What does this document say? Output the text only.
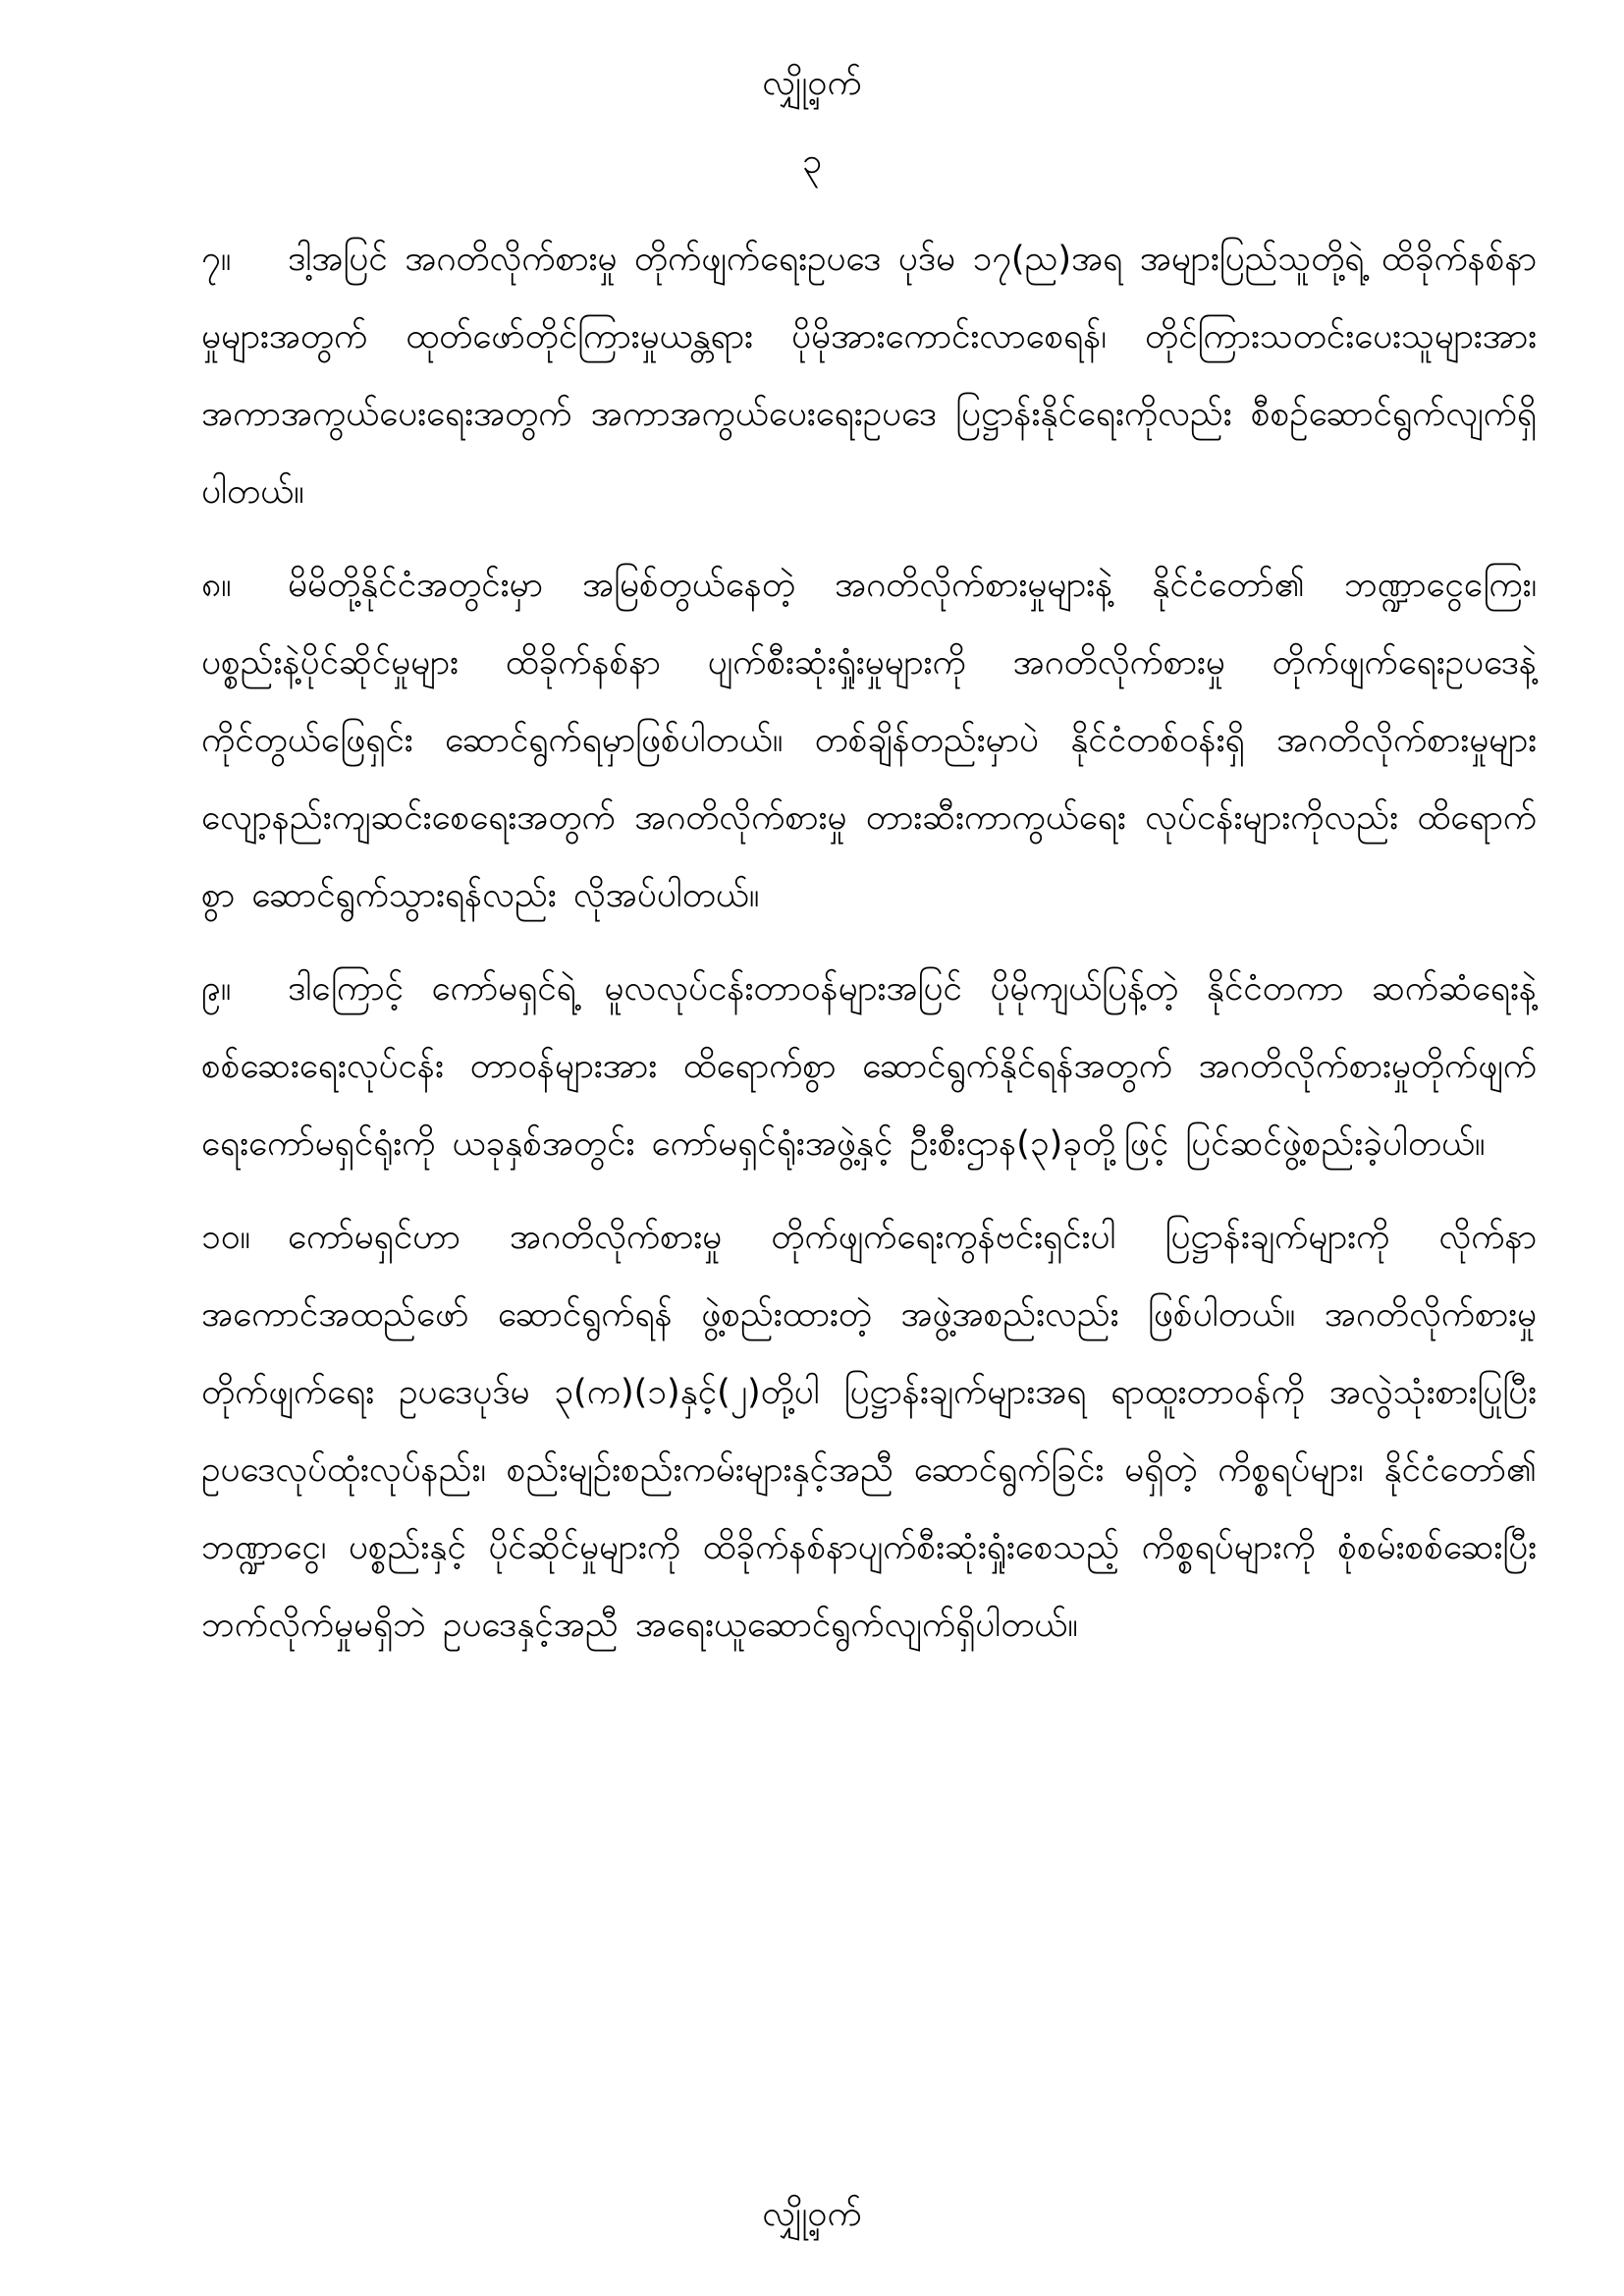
လျှို့ဝှက်
၃

၇။ ဒါ့အပြင် အဂတိလိုက်စားမှု တိုက်ဖျက်ရေးဥပဒေ ပုဒ်မ ၁၇(ည)အရ အများပြည်သူတို့ရဲ့ ထိခိုက်နစ်နာမှုများအတွက် ထုတ်ဖော်တိုင်ကြားမှုယန္တရား ပိုမိုအားကောင်းလာစေရန်၊ တိုင်ကြားသတင်းပေးသူများအား အကာအကွယ်ပေးရေးအတွက် အကာအကွယ်ပေးရေးဥပဒေ ပြဋ္ဌာန်းနိုင်ရေးကိုလည်း စီစဉ်ဆောင်ရွက်လျက်ရှိပါတယ်။

၈။ မိမိတို့နိုင်ငံအတွင်းမှာ အမြစ်တွယ်နေတဲ့ အဂတိလိုက်စားမှုများနဲ့ နိုင်ငံတော်၏ ဘဏ္ဍာငွေကြေး၊ ပစ္စည်းနဲ့ပိုင်ဆိုင်မှုများ ထိခိုက်နစ်နာ ပျက်စီးဆုံးရှုံးမှုများကို အဂတိလိုက်စားမှု တိုက်ဖျက်ရေးဥပဒေနဲ့ ကိုင်တွယ်ဖြေရှင်း ဆောင်ရွက်ရမှာဖြစ်ပါတယ်။ တစ်ချိန်တည်းမှာပဲ နိုင်ငံတစ်ဝန်းရှိ အဂတိလိုက်စားမှုများ လျော့နည်းကျဆင်းစေရေးအတွက် အဂတိလိုက်စားမှု တားဆီးကာကွယ်ရေး လုပ်ငန်းများကိုလည်း ထိရောက်စွာ ဆောင်ရွက်သွားရန်လည်း လိုအပ်ပါတယ်။

၉။ ဒါကြောင့် ကော်မရှင်ရဲ့ မူလလုပ်ငန်းတာဝန်များအပြင် ပိုမိုကျယ်ပြန့်တဲ့ နိုင်ငံတကာ ဆက်ဆံရေးနဲ့ စစ်ဆေးရေးလုပ်ငန်း တာဝန်များအား ထိရောက်စွာ ဆောင်ရွက်နိုင်ရန်အတွက် အဂတိလိုက်စားမှုတိုက်ဖျက်ရေးကော်မရှင်ရုံးကို ယခုနှစ်အတွင်း ကော်မရှင်ရုံးအဖွဲ့နှင့် ဦးစီးဌာန(၃)ခုတို့ဖြင့် ပြင်ဆင်ဖွဲ့စည်းခဲ့ပါတယ်။

၁၀။ ကော်မရှင်ဟာ အဂတိလိုက်စားမှု တိုက်ဖျက်ရေးကွန်ဗင်းရှင်းပါ ပြဋ္ဌာန်းချက်များကို လိုက်နာအကောင်အထည်ဖော် ဆောင်ရွက်ရန် ဖွဲ့စည်းထားတဲ့ အဖွဲ့အစည်းလည်း ဖြစ်ပါတယ်။ အဂတိလိုက်စားမှု တိုက်ဖျက်ရေး ဥပဒေပုဒ်မ ၃(က)(၁)နှင့်(၂)တို့ပါ ပြဋ္ဌာန်းချက်များအရ ရာထူးတာဝန်ကို အလွဲသုံးစားပြုပြီး ဥပဒေလုပ်ထုံးလုပ်နည်း၊ စည်းမျဉ်းစည်းကမ်းများနှင့်အညီ ဆောင်ရွက်ခြင်း မရှိတဲ့ ကိစ္စရပ်များ၊ နိုင်ငံတော်၏ ဘဏ္ဍာငွေ၊ ပစ္စည်းနှင့် ပိုင်ဆိုင်မှုများကို ထိခိုက်နစ်နာပျက်စီးဆုံးရှုံးစေသည့် ကိစ္စရပ်များကို စုံစမ်းစစ်ဆေးပြီး ဘက်လိုက်မှုမရှိဘဲ ဥပဒေနှင့်အညီ အရေးယူဆောင်ရွက်လျက်ရှိပါတယ်။

လျှို့ဝှက်
